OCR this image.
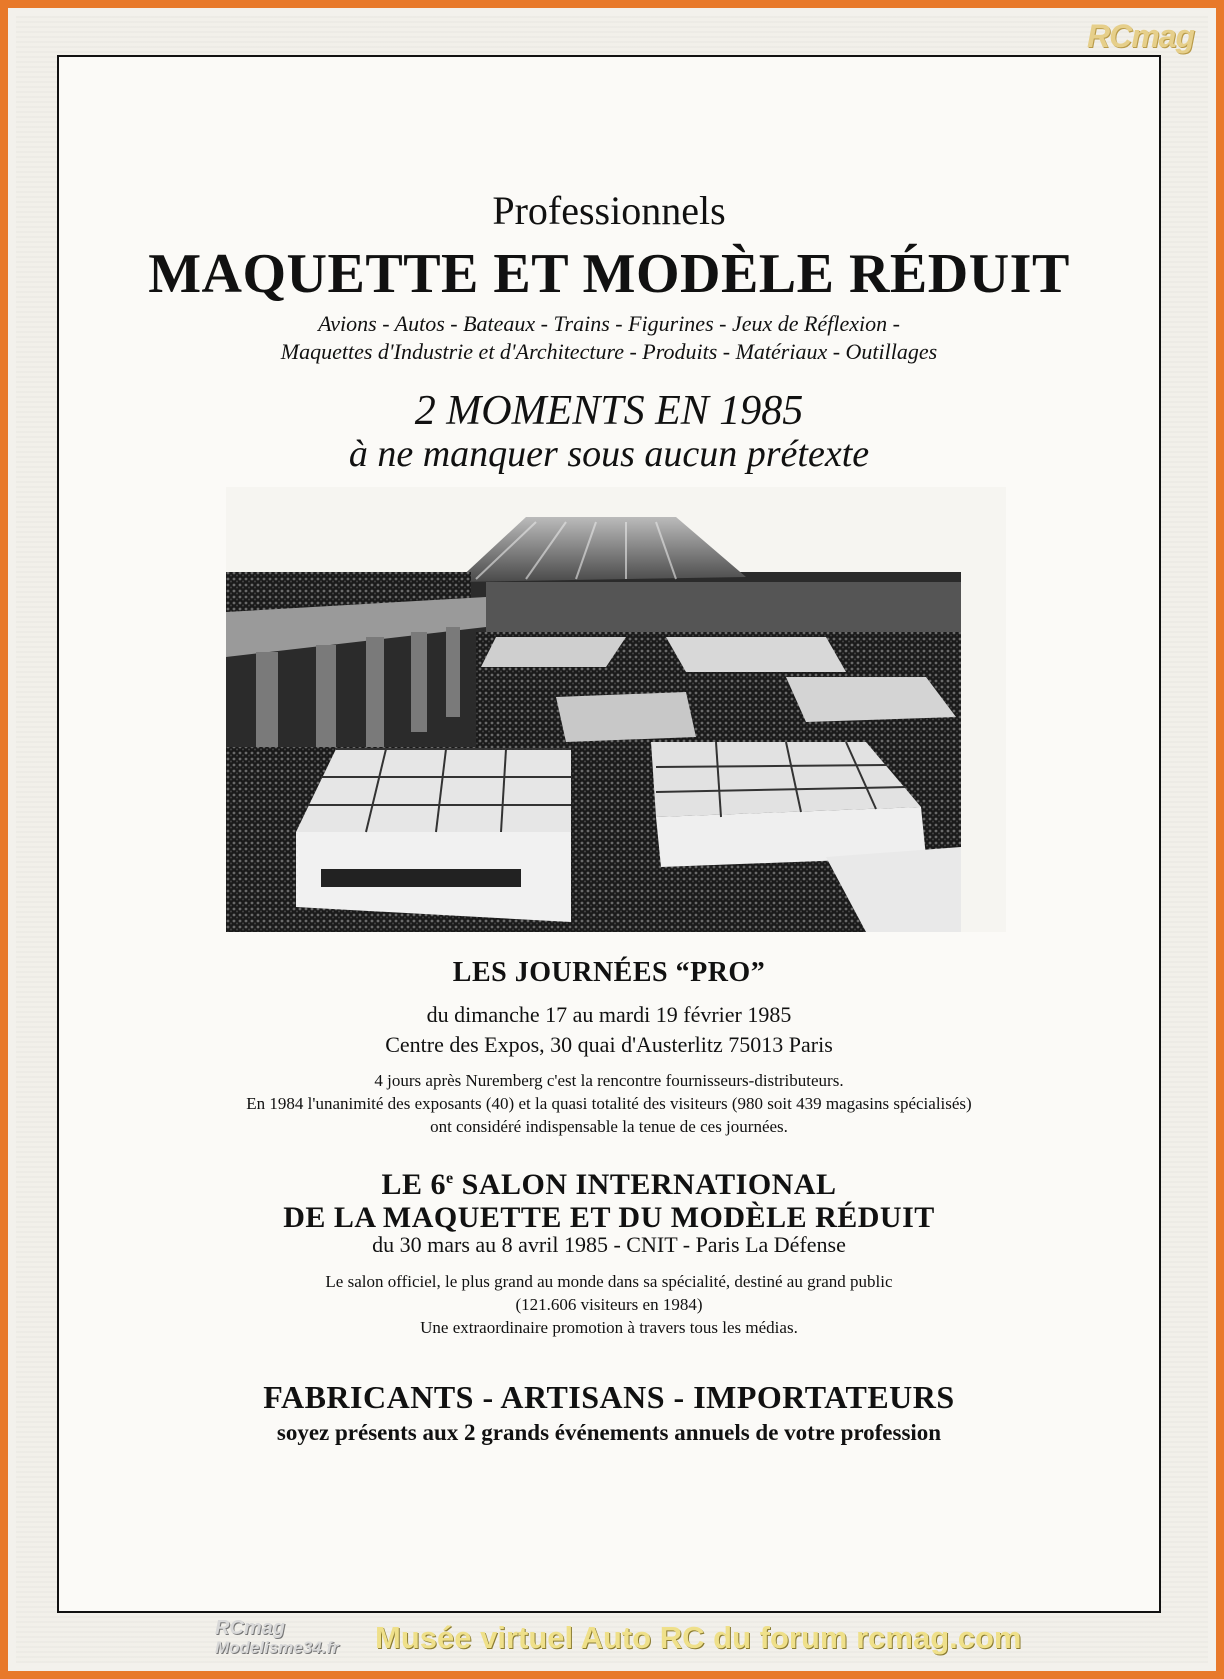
RCmag
Professionnels
MAQUETTE ET MODÈLE RÉDUIT
Avions - Autos - Bateaux - Trains - Figurines - Jeux de Réflexion -
Maquettes d'Industrie et d'Architecture - Produits - Matériaux - Outillages
2 MOMENTS EN 1985
à ne manquer sous aucun prétexte
LES JOURNÉES “PRO”
du dimanche 17 au mardi 19 février 1985
Centre des Expos, 30 quai d'Austerlitz 75013 Paris
4 jours après Nuremberg c'est la rencontre fournisseurs-distributeurs.
En 1984 l'unanimité des exposants (40) et la quasi totalité des visiteurs (980 soit 439 magasins spécialisés)
ont considéré indispensable la tenue de ces journées.
LE 6e SALON INTERNATIONAL
DE LA MAQUETTE ET DU MODÈLE RÉDUIT
du 30 mars au 8 avril 1985 - CNIT - Paris La Défense
Le salon officiel, le plus grand au monde dans sa spécialité, destiné au grand public
(121.606 visiteurs en 1984)
Une extraordinaire promotion à travers tous les médias.
FABRICANTS - ARTISANS - IMPORTATEURS
soyez présents aux 2 grands événements annuels de votre profession
RCmag
Modelisme34.fr Musée virtuel Auto RC du forum rcmag.com
